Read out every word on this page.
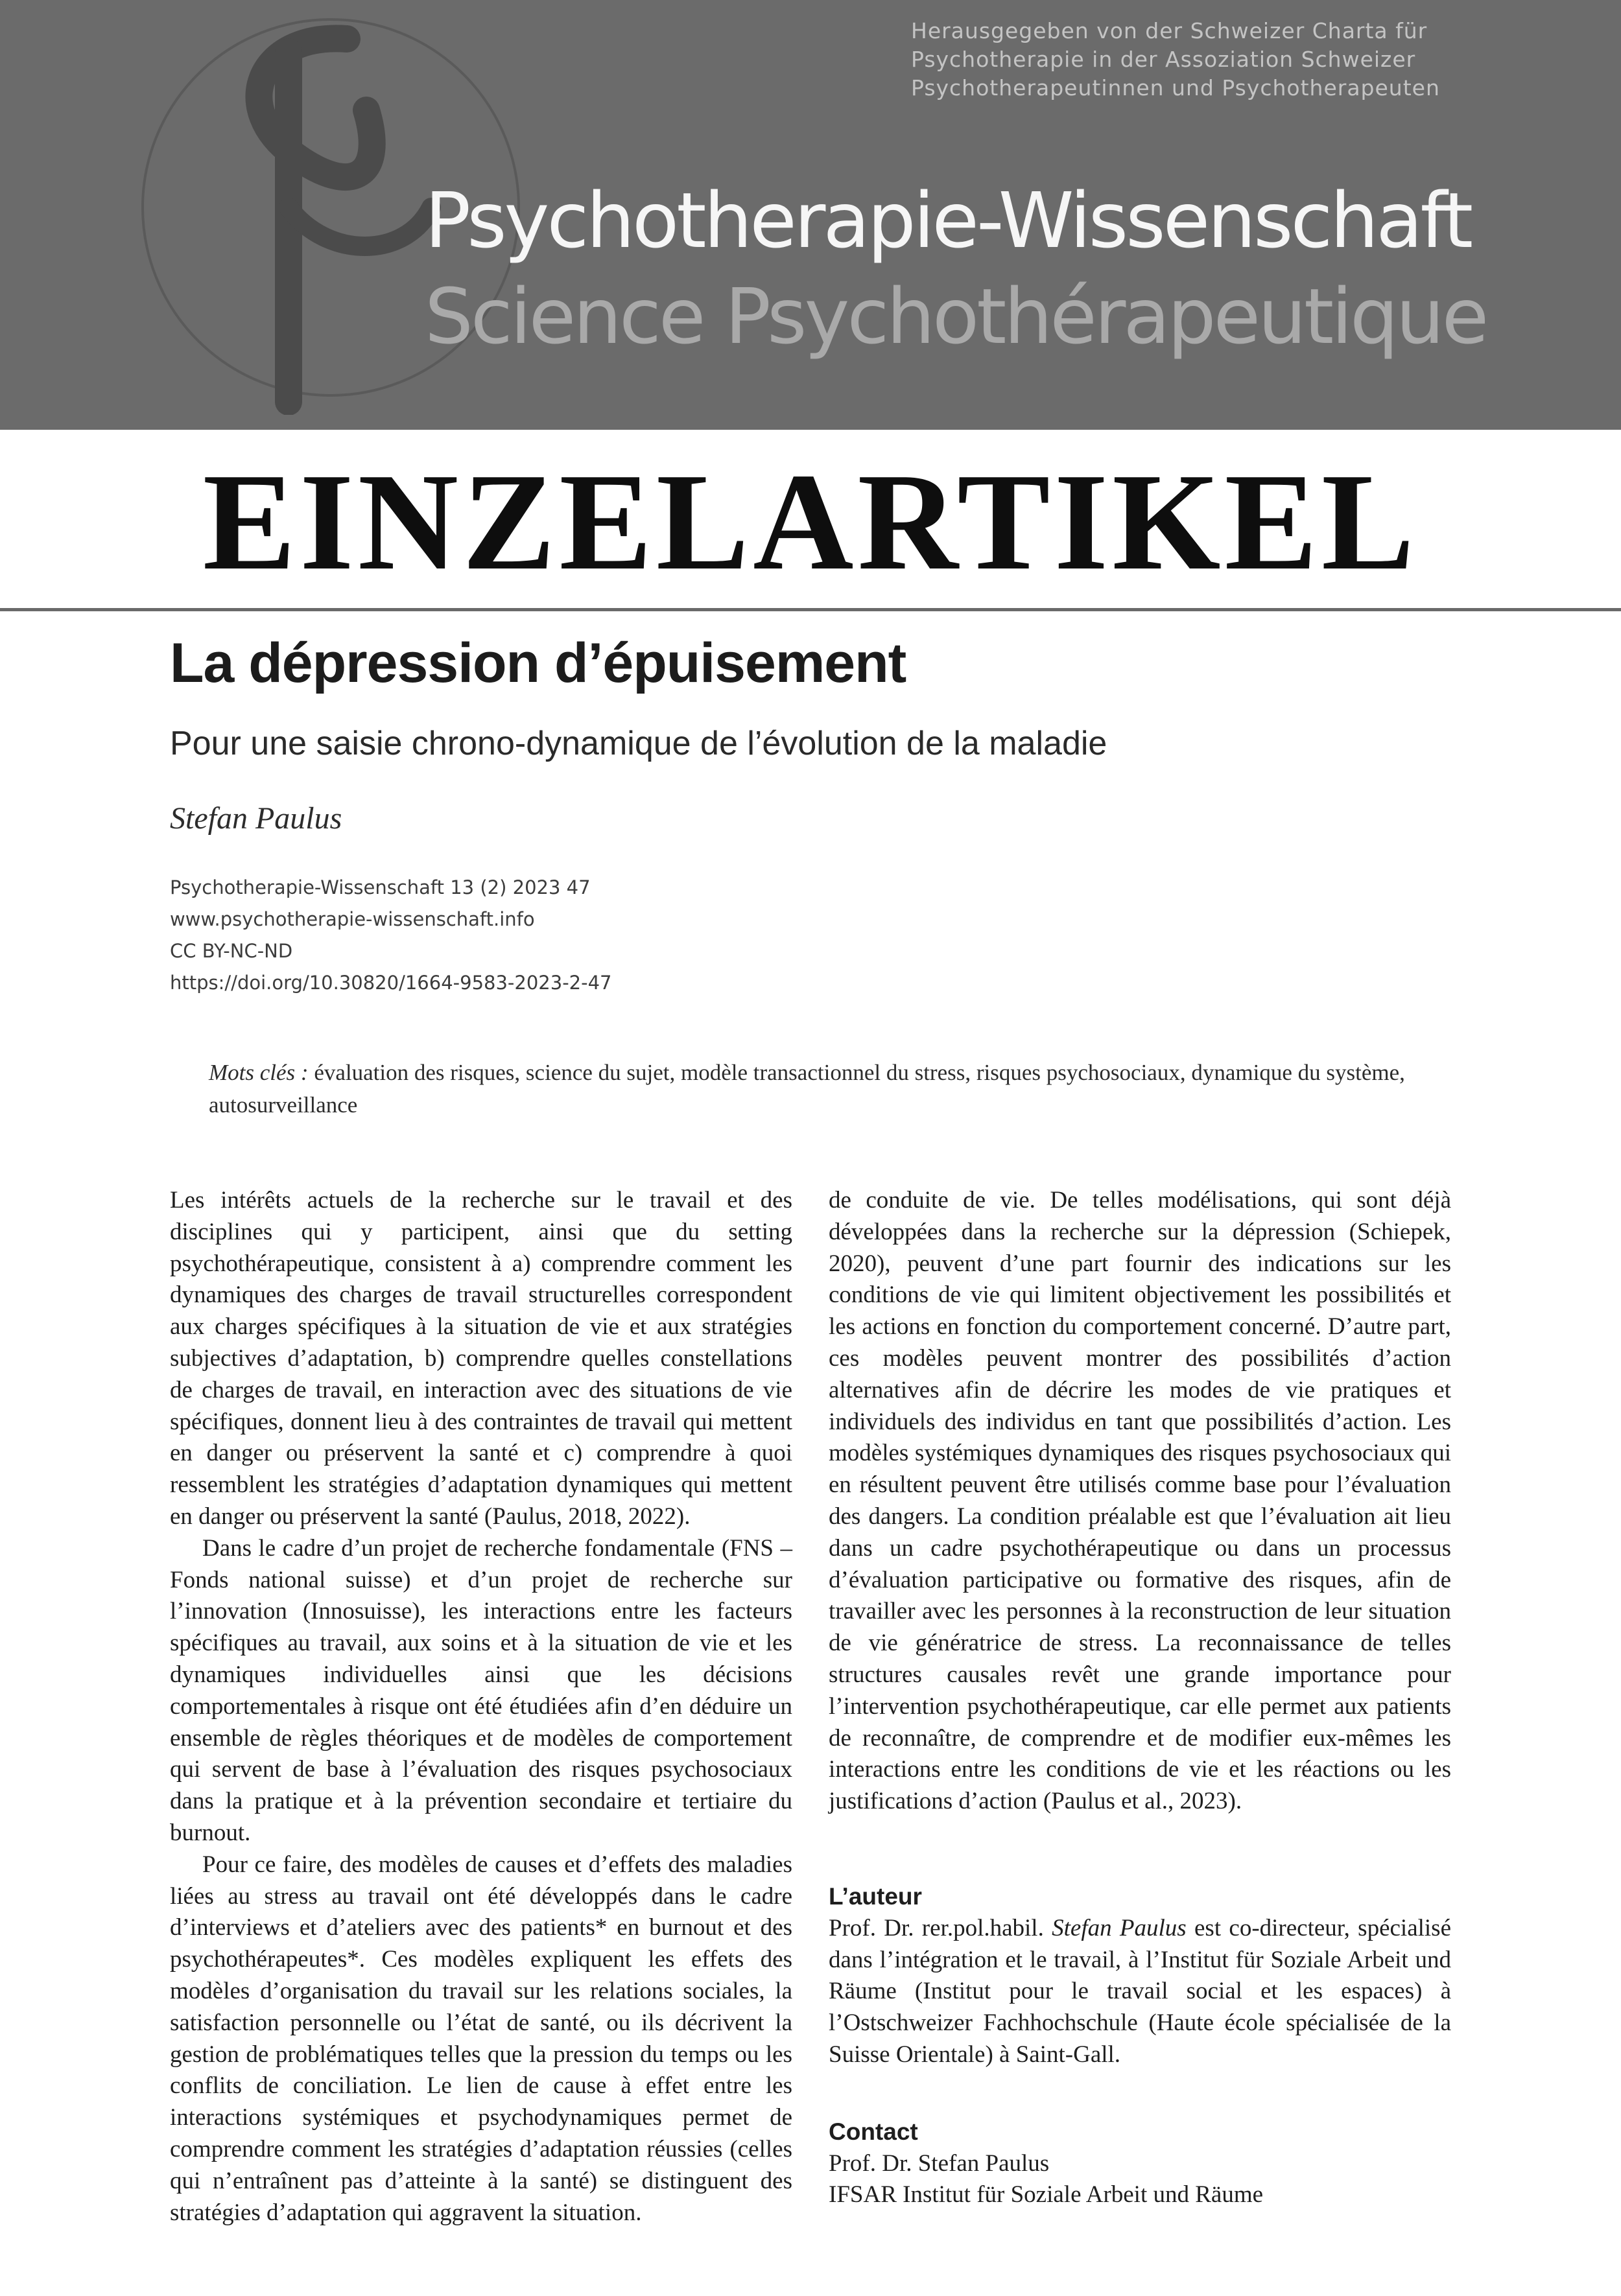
Herausgegeben von der Schweizer Charta für
Psychotherapie in der Assoziation Schweizer
Psychotherapeutinnen und Psychotherapeuten
Psychotherapie-Wissenschaft
Science Psychothérapeutique
EINZELARTIKEL
La dépression d’épuisement
Pour une saisie chrono-dynamique de l’évolution de la maladie
Stefan Paulus
Psychotherapie-Wissenschaft 13 (2) 2023 47
www.psychotherapie-wissenschaft.info
CC BY-NC-ND
https://doi.org/10.30820/1664-9583-2023-2-47
Mots clés : évaluation des risques, science du sujet, modèle transactionnel du stress, risques psychosociaux, dynamique du système, autosurveillance

Les intérêts actuels de la recherche sur le travail et des disciplines qui y participent, ainsi que du setting psychothérapeutique, consistent à a) comprendre comment les dynamiques des charges de travail structurelles correspondent aux charges spécifiques à la situation de vie et aux stratégies subjectives d’adaptation, b) comprendre quelles constellations de charges de travail, en interaction avec des situations de vie spécifiques, donnent lieu à des contraintes de travail qui mettent en danger ou préservent la santé et c) comprendre à quoi ressemblent les stratégies d’adaptation dynamiques qui mettent en danger ou préservent la santé (Paulus, 2018, 2022).

Dans le cadre d’un projet de recherche fondamentale (FNS – Fonds national suisse) et d’un projet de recherche sur l’innovation (Innosuisse), les interactions entre les facteurs spécifiques au travail, aux soins et à la situation de vie et les dynamiques individuelles ainsi que les décisions comportementales à risque ont été étudiées afin d’en déduire un ensemble de règles théoriques et de modèles de comportement qui servent de base à l’évaluation des risques psychosociaux dans la pratique et à la prévention secondaire et tertiaire du burnout.

Pour ce faire, des modèles de causes et d’effets des maladies liées au stress au travail ont été développés dans le cadre d’interviews et d’ateliers avec des patients* en burnout et des psychothérapeutes*. Ces modèles expliquent les effets des modèles d’organisation du travail sur les relations sociales, la satisfaction personnelle ou l’état de santé, ou ils décrivent la gestion de problématiques telles que la pression du temps ou les conflits de conciliation. Le lien de cause à effet entre les interactions systémiques et psychodynamiques permet de comprendre comment les stratégies d’adaptation réussies (celles qui n’entraînent pas d’atteinte à la santé) se distinguent des stratégies d’adaptation qui aggravent la situation.

de conduite de vie. De telles modélisations, qui sont déjà développées dans la recherche sur la dépression (Schiepek, 2020), peuvent d’une part fournir des indications sur les conditions de vie qui limitent objectivement les possibilités et les actions en fonction du comportement concerné. D’autre part, ces modèles peuvent montrer des possibilités d’action alternatives afin de décrire les modes de vie pratiques et individuels des individus en tant que possibilités d’action. Les modèles systémiques dynamiques des risques psychosociaux qui en résultent peuvent être utilisés comme base pour l’évaluation des dangers. La condition préalable est que l’évaluation ait lieu dans un cadre psychothérapeutique ou dans un processus d’évaluation participative ou formative des risques, afin de travailler avec les personnes à la reconstruction de leur situation de vie génératrice de stress. La reconnaissance de telles structures causales revêt une grande importance pour l’intervention psychothérapeutique, car elle permet aux patients de reconnaître, de comprendre et de modifier eux-mêmes les interactions entre les conditions de vie et les réactions ou les justifications d’action (Paulus et al., 2023).

L’auteur

Prof. Dr. rer.pol.habil. Stefan Paulus est co-directeur, spécialisé dans l’intégration et le travail, à l’Institut für Soziale Arbeit und Räume (Institut pour le travail social et les espaces) à l’Ostschweizer Fachhochschule (Haute école spécialisée de la Suisse Orientale) à Saint-Gall.

Contact

Prof. Dr. Stefan Paulus

IFSAR Institut für Soziale Arbeit und Räume
